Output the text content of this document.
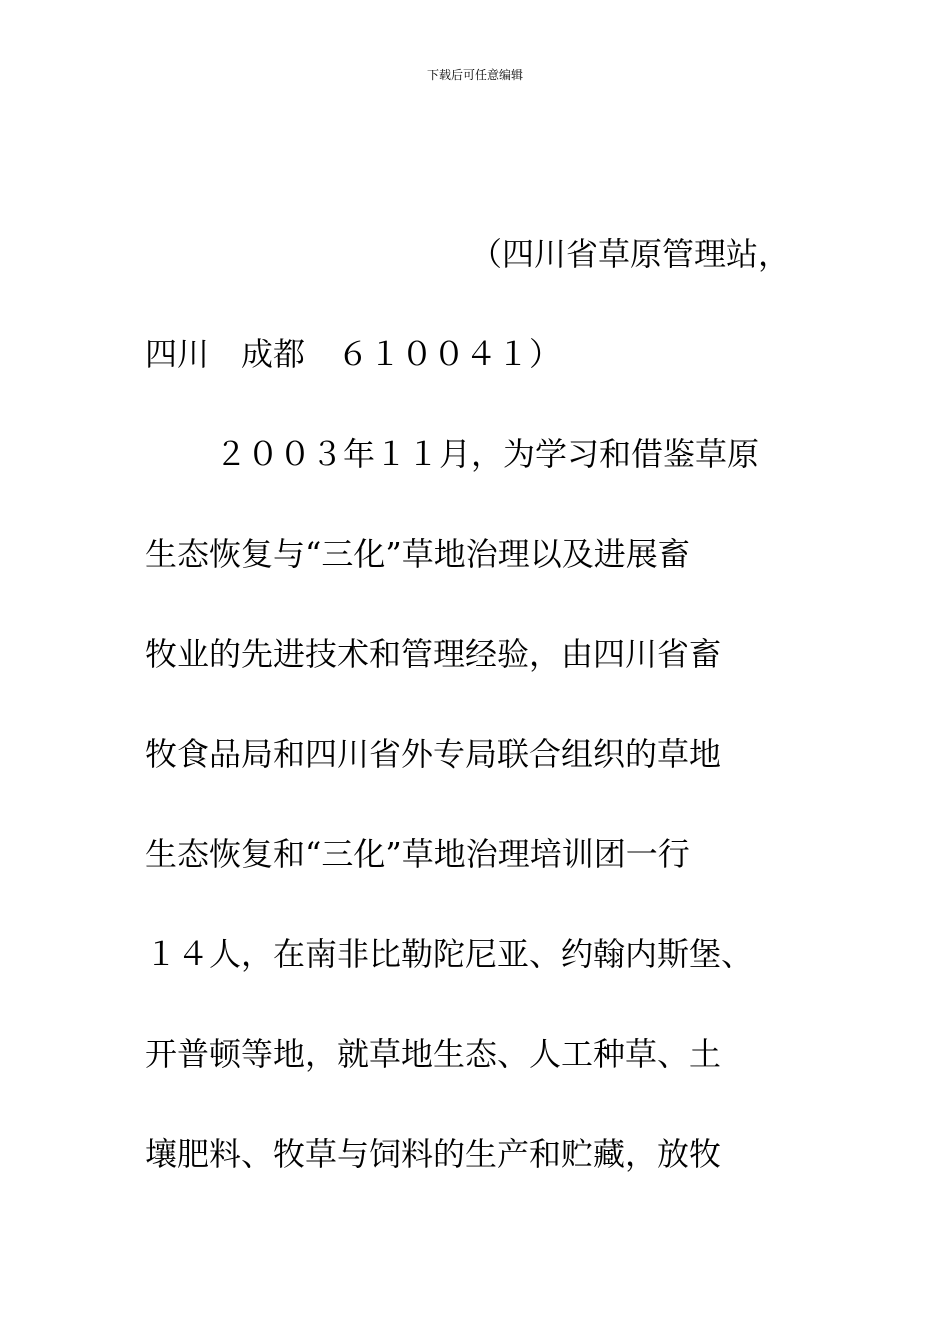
下载后可任意编辑
（四川省草原管理站，
四川　成都　６１００４１）
２００３年１１月，为学习和借鉴草原
生态恢复与“三化”草地治理以及进展畜
牧业的先进技术和管理经验，由四川省畜
牧食品局和四川省外专局联合组织的草地
生态恢复和“三化”草地治理培训团一行
１４人，在南非比勒陀尼亚、约翰内斯堡、
开普顿等地，就草地生态、人工种草、土
壤肥料、牧草与饲料的生产和贮藏，放牧
